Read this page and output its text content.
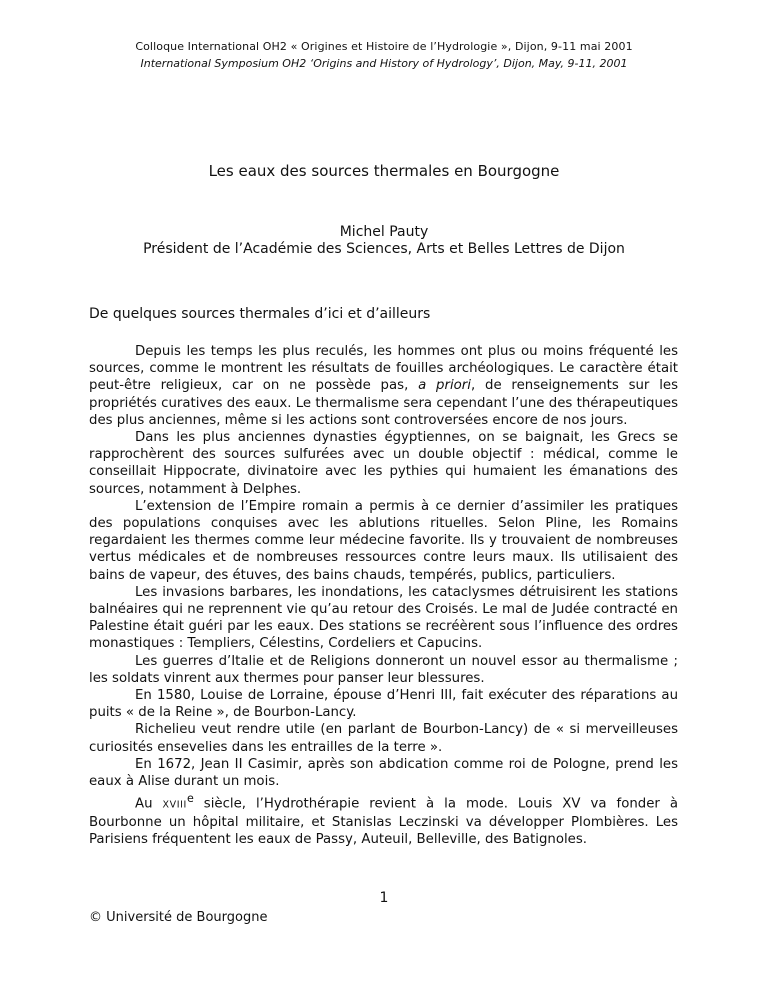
Colloque International OH2 « Origines et Histoire de l’Hydrologie », Dijon, 9-11 mai 2001
International Symposium OH2 ‘Origins and History of Hydrology’, Dijon, May, 9-11, 2001
Les eaux des sources thermales en Bourgogne
Michel Pauty
Président de l’Académie des Sciences, Arts et Belles Lettres de Dijon
De quelques sources thermales d’ici et d’ailleurs

Depuis les temps les plus reculés, les hommes ont plus ou moins fréquenté les sources, comme le montrent les résultats de fouilles archéologiques. Le caractère était peut-être religieux, car on ne possède pas, a priori, de renseignements sur les propriétés curatives des eaux. Le thermalisme sera cependant l’une des thérapeutiques des plus anciennes, même si les actions sont controversées encore de nos jours.

Dans les plus anciennes dynasties égyptiennes, on se baignait, les Grecs se rapprochèrent des sources sulfurées avec un double objectif : médical, comme le conseillait Hippocrate, divinatoire avec les pythies qui humaient les émanations des sources, notamment à Delphes.

L’extension de l’Empire romain a permis à ce dernier d’assimiler les pratiques des populations conquises avec les ablutions rituelles. Selon Pline, les Romains regardaient les thermes comme leur médecine favorite. Ils y trouvaient de nombreuses vertus médicales et de nombreuses ressources contre leurs maux. Ils utilisaient des bains de vapeur, des étuves, des bains chauds, tempérés, publics, particuliers.

Les invasions barbares, les inondations, les cataclysmes détruisirent les stations balnéaires qui ne reprennent vie qu’au retour des Croisés. Le mal de Judée contracté en Palestine était guéri par les eaux. Des stations se recréèrent sous l’influence des ordres monastiques : Templiers, Célestins, Cordeliers et Capucins.

Les guerres d’Italie et de Religions donneront un nouvel essor au thermalisme ; les soldats vinrent aux thermes pour panser leur blessures.

En 1580, Louise de Lorraine, épouse d’Henri III, fait exécuter des réparations au puits « de la Reine », de Bourbon-Lancy.

Richelieu veut rendre utile (en parlant de Bourbon-Lancy) de « si merveilleuses curiosités ensevelies dans les entrailles de la terre ».

En 1672, Jean II Casimir, après son abdication comme roi de Pologne, prend les eaux à Alise durant un mois.

Au XVIIIe siècle, l’Hydrothérapie revient à la mode. Louis XV va fonder à Bourbonne un hôpital militaire, et Stanislas Leczinski va développer Plombières. Les Parisiens fréquentent les eaux de Passy, Auteuil, Belleville, des Batignoles.

1
© Université de Bourgogne
